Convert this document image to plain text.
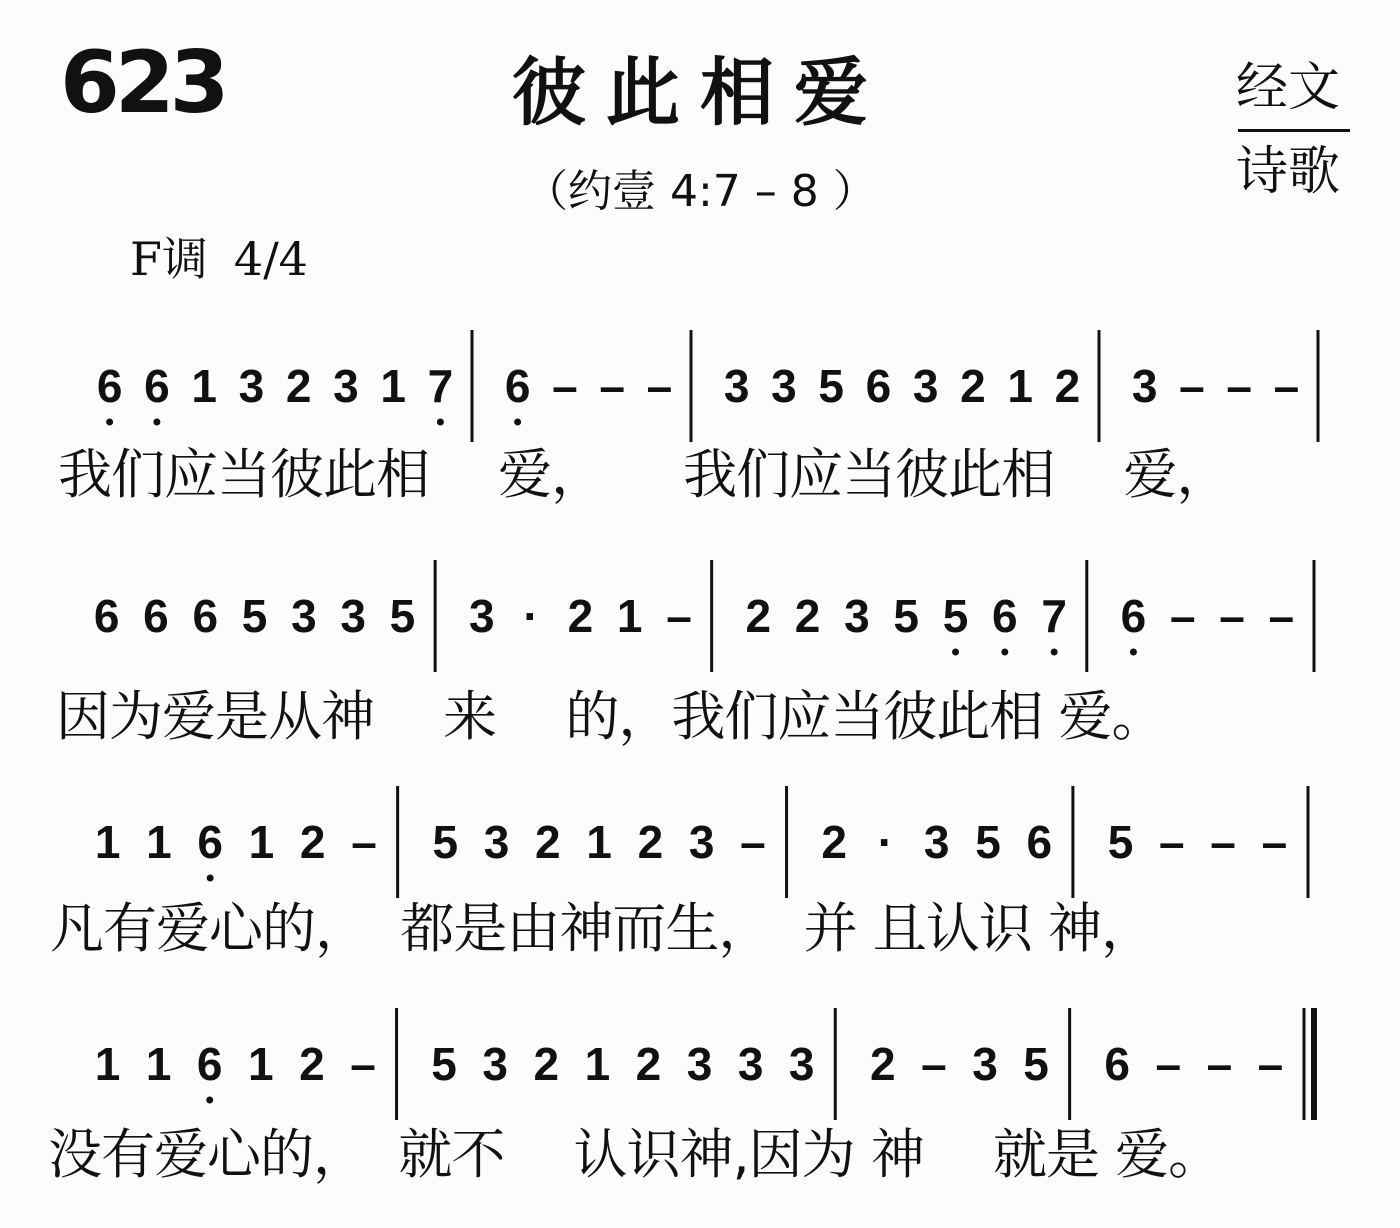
623	彼此相爱	经文
诗歌
（约壹 4:7 – 8 ）
F调 4/4
6 6 1 3 2 3 1 7 6 – – – 3 3 5 6 3 2 1 2 3 – – –
6 6 6 5 3 3 5 3 · 2 1 – 2 2 3 5 5 6 7 6 – – –
1 1 6 1 2 – 5 3 2 1 2 3 – 2 · 3 5 6 5 – – –
1 1 6 1 2 – 5 3 2 1 2 3 3 3 2 – 3 5 6 – – –
我们应当彼此相　 爱，　　我们应当彼此相　 爱，
因为爱是从神　 来　 的，我们应当彼此相 爱。
凡有爱心的，  都是由神而生，  并 且认识 神，
没有爱心的，  就不　 认识神,因为 神　 就是 爱。
